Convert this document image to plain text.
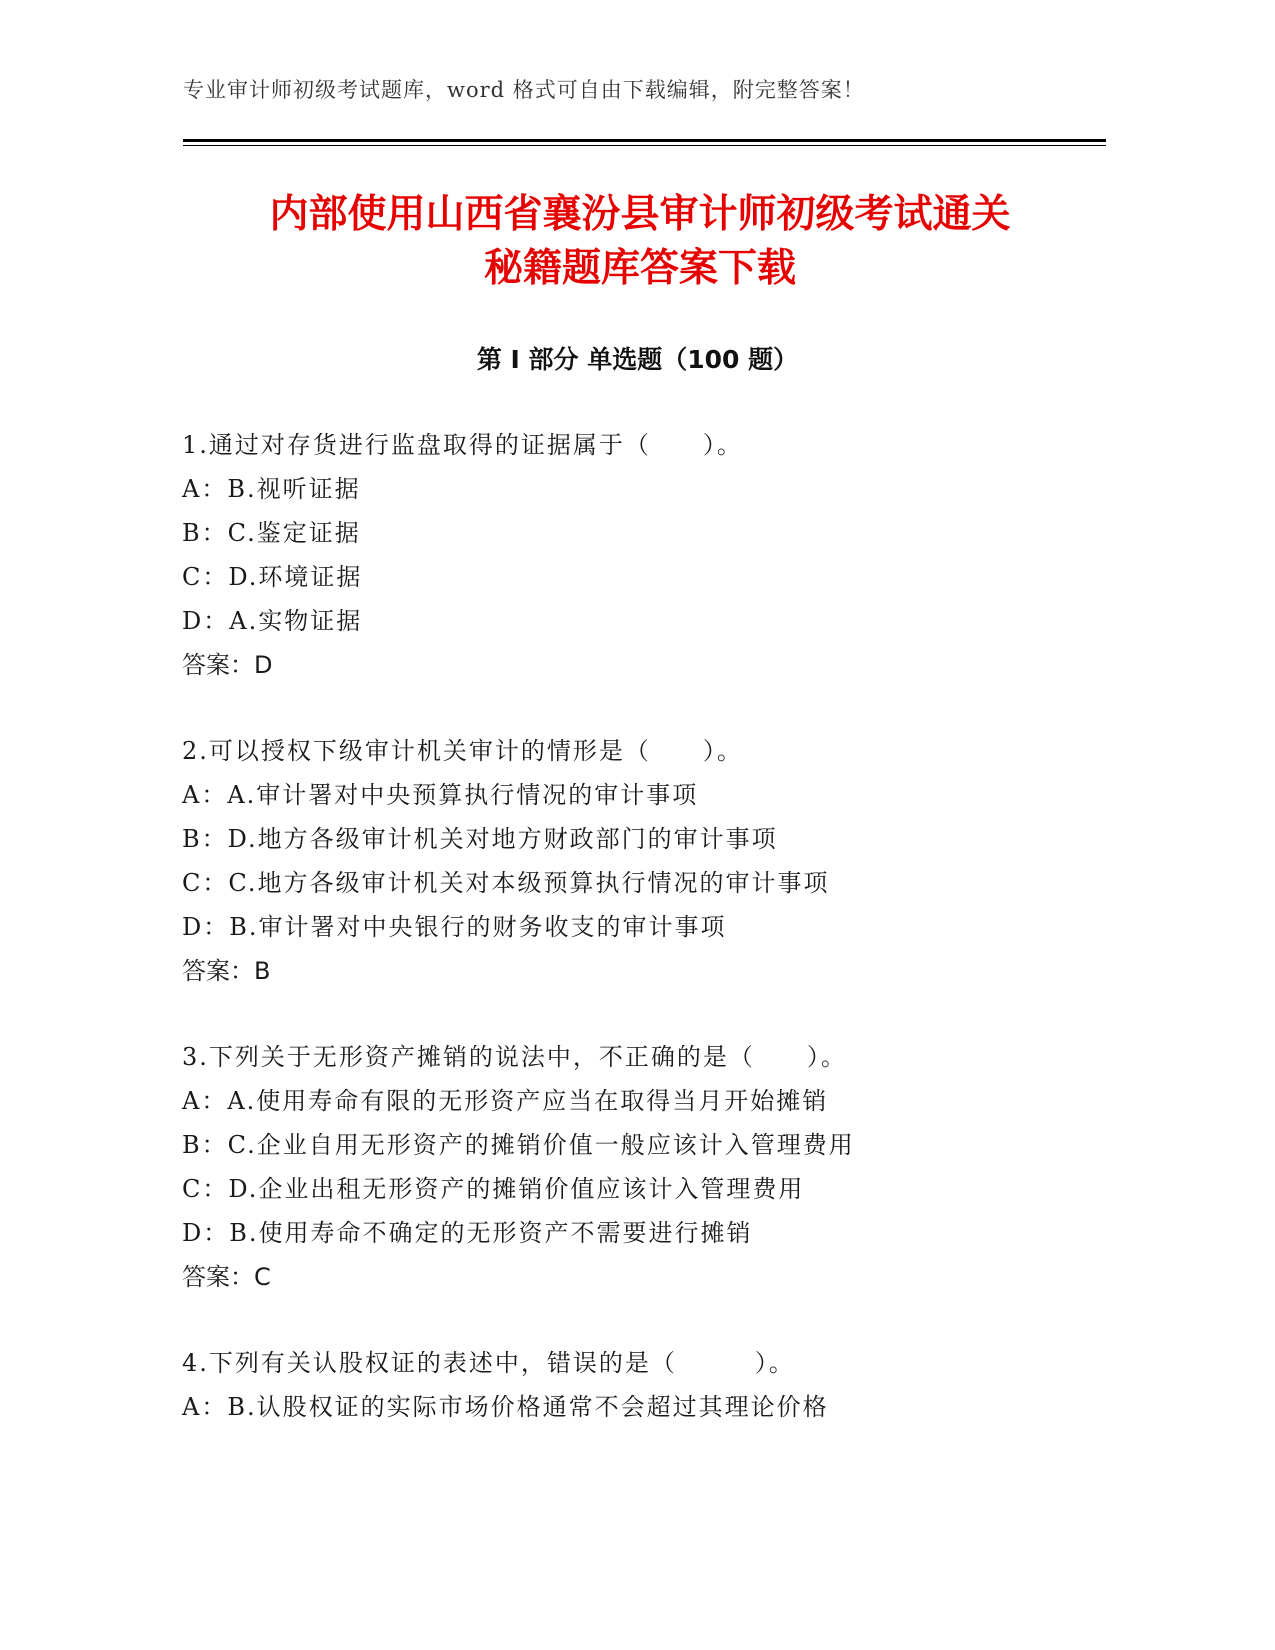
专业审计师初级考试题库，word 格式可自由下载编辑，附完整答案！
内部使用山西省襄汾县审计师初级考试通关
秘籍题库答案下载
第 I 部分 单选题（100 题）
1.通过对存货进行监盘取得的证据属于（　　）。
A：B.视听证据
B：C.鉴定证据
C：D.环境证据
D：A.实物证据
答案：D
2.可以授权下级审计机关审计的情形是（　　）。
A：A.审计署对中央预算执行情况的审计事项
B：D.地方各级审计机关对地方财政部门的审计事项
C：C.地方各级审计机关对本级预算执行情况的审计事项
D：B.审计署对中央银行的财务收支的审计事项
答案：B
3.下列关于无形资产摊销的说法中，不正确的是（　　）。
A：A.使用寿命有限的无形资产应当在取得当月开始摊销
B：C.企业自用无形资产的摊销价值一般应该计入管理费用
C：D.企业出租无形资产的摊销价值应该计入管理费用
D：B.使用寿命不确定的无形资产不需要进行摊销
答案：C
4.下列有关认股权证的表述中，错误的是（　　　）。
A：B.认股权证的实际市场价格通常不会超过其理论价格
